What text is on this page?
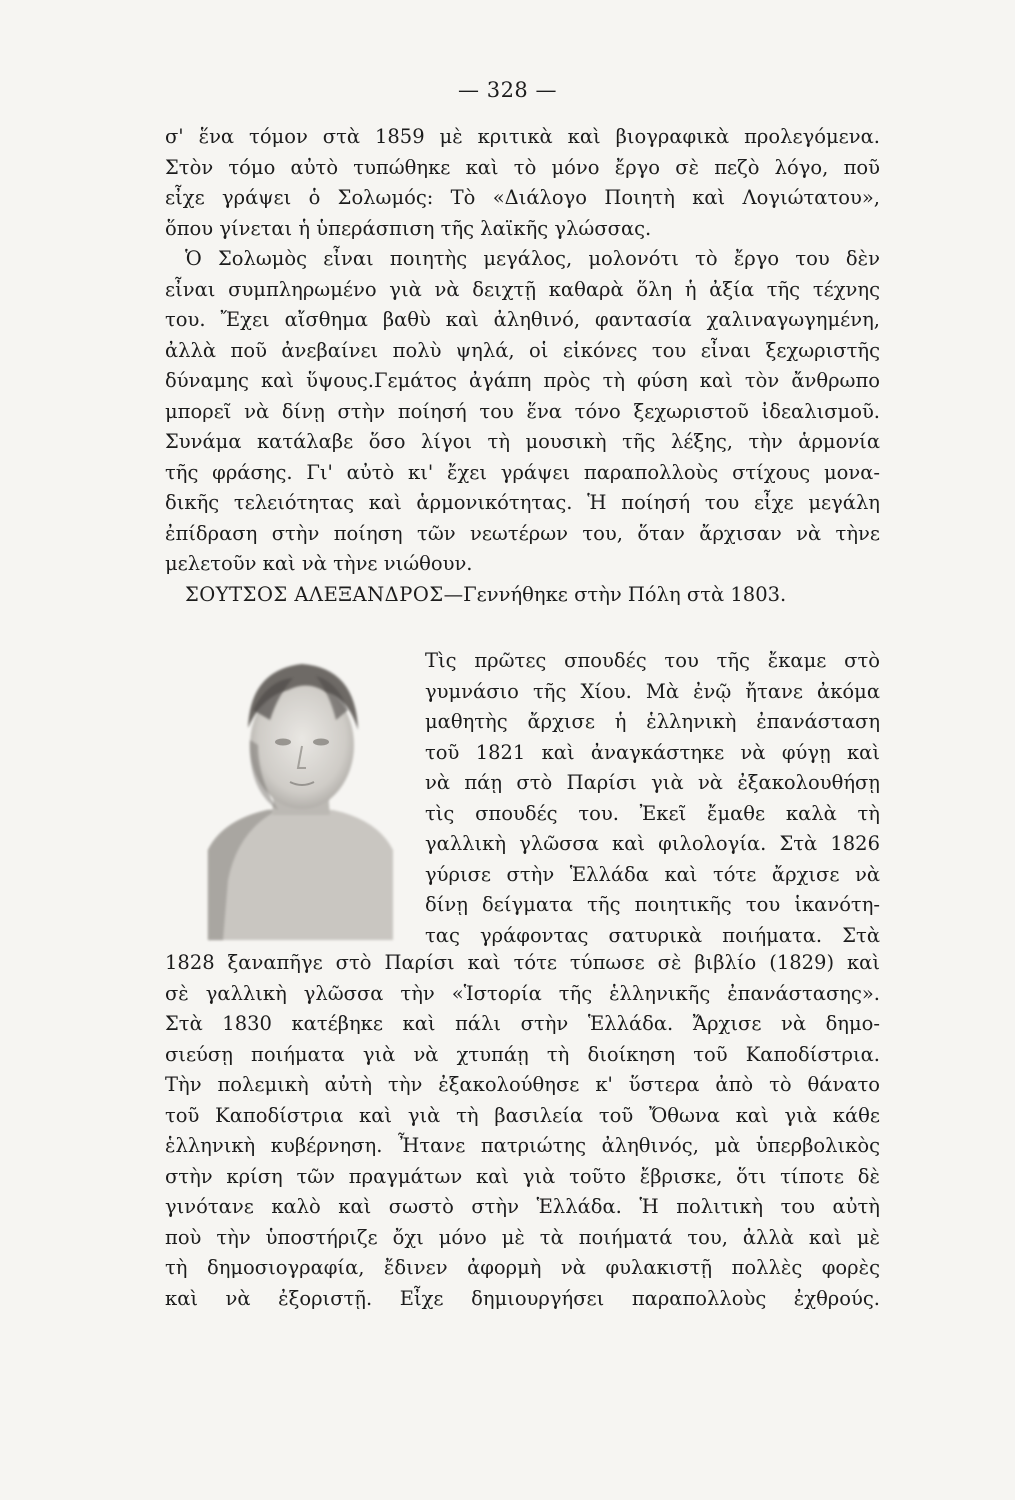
— 328 —
σ' ἕνα τόμον στὰ 1859 μὲ κριτικὰ καὶ βιογραφικὰ προλεγόμενα.
Στὸν τόμο αὐτὸ τυπώθηκε καὶ τὸ μόνο ἔργο σὲ πεζὸ λόγο, ποῦ
εἶχε γράψει ὁ Σολωμός: Τὸ «Διάλογο Ποιητὴ καὶ Λογιώτατου»,
ὅπου γίνεται ἡ ὑπεράσπιση τῆς λαϊκῆς γλώσσας.
Ὁ Σολωμὸς εἶναι ποιητὴς μεγάλος, μολονότι τὸ ἔργο του δὲν
εἶναι συμπληρωμένο γιὰ νὰ δειχτῇ καθαρὰ ὅλη ἡ ἀξία τῆς τέχνης
του. Ἔχει αἴσθημα βαθὺ καὶ ἀληθινό, φαντασία χαλιναγωγημένη,
ἀλλὰ ποῦ ἀνεβαίνει πολὺ ψηλά, οἱ εἰκόνες του εἶναι ξεχωριστῆς
δύναμης καὶ ὕψους.Γεμάτος ἀγάπη πρὸς τὴ φύση καὶ τὸν ἄνθρωπο
μπορεῖ νὰ δίνῃ στὴν ποίησή του ἕνα τόνο ξεχωριστοῦ ἰδεαλισμοῦ.
Συνάμα κατάλαβε ὅσο λίγοι τὴ μουσικὴ τῆς λέξης, τὴν ἁρμονία
τῆς φράσης. Γι' αὐτὸ κι' ἔχει γράψει παραπολλοὺς στίχους μονα-
δικῆς τελειότητας καὶ ἁρμονικότητας. Ἡ ποίησή του εἶχε μεγάλη
ἐπίδραση στὴν ποίηση τῶν νεωτέρων του, ὅταν ἄρχισαν νὰ τὴνε
μελετοῦν καὶ νὰ τὴνε νιώθουν.
ΣΟΥΤΣΟΣ ΑΛΕΞΑΝΔΡΟΣ—Γεννήθηκε στὴν Πόλη στὰ 1803.
Τὶς πρῶτες σπουδές του τῆς ἔκαμε στὸ
γυμνάσιο τῆς Χίου. Μὰ ἐνῷ ἤτανε ἀκόμα
μαθητὴς ἄρχισε ἡ ἑλληνικὴ ἐπανάσταση
τοῦ 1821 καὶ ἀναγκάστηκε νὰ φύγῃ καὶ
νὰ πάῃ στὸ Παρίσι γιὰ νὰ ἐξακολουθήσῃ
τὶς σπουδές του. Ἐκεῖ ἔμαθε καλὰ τὴ
γαλλικὴ γλῶσσα καὶ φιλολογία. Στὰ 1826
γύρισε στὴν Ἑλλάδα καὶ τότε ἄρχισε νὰ
δίνῃ δείγματα τῆς ποιητικῆς του ἱκανότη-
τας γράφοντας σατυρικὰ ποιήματα. Στὰ
1828 ξαναπῆγε στὸ Παρίσι καὶ τότε τύπωσε σὲ βιβλίο (1829) καὶ
σὲ γαλλικὴ γλῶσσα τὴν «Ἱστορία τῆς ἑλληνικῆς ἐπανάστασης».
Στὰ 1830 κατέβηκε καὶ πάλι στὴν Ἑλλάδα. Ἄρχισε νὰ δημο-
σιεύσῃ ποιήματα γιὰ νὰ χτυπάῃ τὴ διοίκηση τοῦ Καποδίστρια.
Τὴν πολεμικὴ αὐτὴ τὴν ἐξακολούθησε κ' ὕστερα ἀπὸ τὸ θάνατο
τοῦ Καποδίστρια καὶ γιὰ τὴ βασιλεία τοῦ Ὄθωνα καὶ γιὰ κάθε
ἑλληνικὴ κυβέρνηση. Ἦτανε πατριώτης ἀληθινός, μὰ ὑπερβολικὸς
στὴν κρίση τῶν πραγμάτων καὶ γιὰ τοῦτο ἔβρισκε, ὅτι τίποτε δὲ
γινότανε καλὸ καὶ σωστὸ στὴν Ἑλλάδα. Ἡ πολιτικὴ του αὐτὴ
ποὺ τὴν ὑποστήριζε ὄχι μόνο μὲ τὰ ποιήματά του, ἀλλὰ καὶ μὲ
τὴ δημοσιογραφία, ἔδινεν ἀφορμὴ νὰ φυλακιστῇ πολλὲς φορὲς
καὶ νὰ ἐξοριστῇ. Εἶχε δημιουργήσει παραπολλοὺς ἐχθρούς.
